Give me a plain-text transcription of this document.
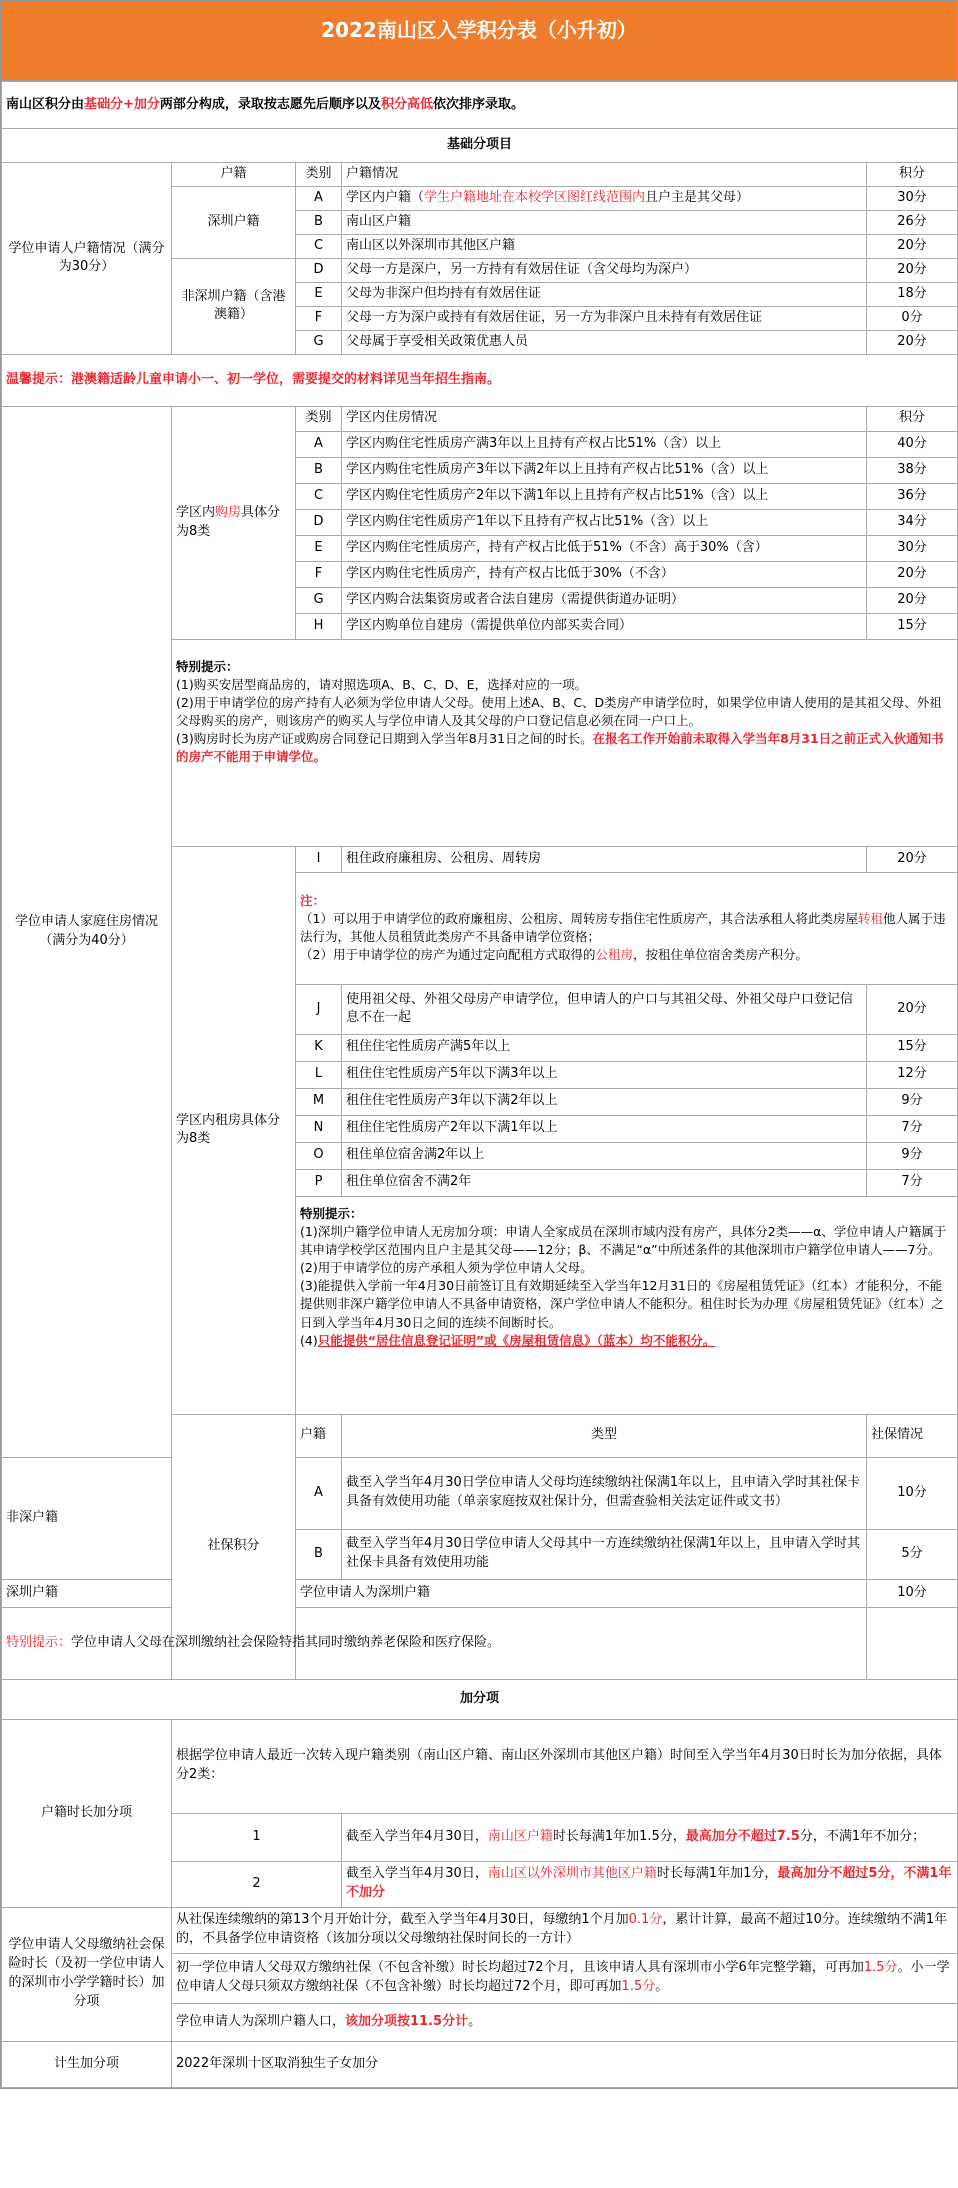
2022南山区入学积分表（小升初）
南山区积分由基础分+加分两部分构成，录取按志愿先后顺序以及积分高低依次排序录取。					
基础分项目					
学位申请人户籍情况（满分为30分）	户籍	类别	户籍情况	积分	
	深圳户籍	A	学区内户籍（学生户籍地址在本校学区图红线范围内且户主是其父母）	30分	
		B	南山区户籍	26分	
		C	南山区以外深圳市其他区户籍	20分	
	非深圳户籍（含港澳籍）	D	父母一方是深户，另一方持有有效居住证（含父母均为深户）	20分	
		E	父母为非深户但均持有有效居住证	18分	
		F	父母一方为深户或持有有效居住证，另一方为非深户且未持有有效居住证	0分	
		G	父母属于享受相关政策优惠人员	20分	
温馨提示：港澳籍适龄儿童申请小一、初一学位，需要提交的材料详见当年招生指南。					
学位申请人家庭住房情况（满分为40分）	学区内购房具体分为8类	类别	学区内住房情况	积分	
		A	学区内购住宅性质房产满3年以上且持有产权占比51%（含）以上	40分	
		B	学区内购住宅性质房产3年以下满2年以上且持有产权占比51%（含）以上	38分	
		C	学区内购住宅性质房产2年以下满1年以上且持有产权占比51%（含）以上	36分	
		D	学区内购住宅性质房产1年以下且持有产权占比51%（含）以上	34分	
		E	学区内购住宅性质房产，持有产权占比低于51%（不含）高于30%（含）	30分	
		F	学区内购住宅性质房产，持有产权占比低于30%（不含）	20分	
		G	学区内购合法集资房或者合法自建房（需提供街道办证明）	20分	
		H	学区内购单位自建房（需提供单位内部买卖合同）	15分	

	特别提示：
(1)购买安居型商品房的，请对照选项A、B、C、D、E，选择对应的一项。
(2)用于申请学位的房产持有人必须为学位申请人父母。使用上述A、B、C、D类房产申请学位时，如果学位申请人使用的是其祖父母、外祖父母购买的房产，则该房产的购买人与学位申请人及其父母的户口登记信息必须在同一户口上。
(3)购房时长为房产证或购房合同登记日期到入学当年8月31日之间的时长。在报名工作开始前未取得入学当年8月31日之前正式入伙通知书的房产不能用于申请学位。				

	学区内租房具体分为8类	I	租住政府廉租房、公租房、周转房	20分	

		注：
（1）可以用于申请学位的政府廉租房、公租房、周转房专指住宅性质房产，其合法承租人将此类房屋转租他人属于违法行为，其他人员租赁此类房产不具备申请学位资格；
（2）用于申请学位的房产为通过定向配租方式取得的公租房，按租住单位宿舍类房产积分。			

		J	使用祖父母、外祖父母房产申请学位，但申请人的户口与其祖父母、外祖父母户口登记信息不在一起	20分	
		K	租住住宅性质房产满5年以上	15分	
		L	租住住宅性质房产5年以下满3年以上	12分	
		M	租住住宅性质房产3年以下满2年以上	9分	
		N	租住住宅性质房产2年以下满1年以上	7分	
		O	租住单位宿舍满2年以上	9分	
		P	租住单位宿舍不满2年	7分	

		特别提示：
(1)深圳户籍学位申请人无房加分项：申请人全家成员在深圳市域内没有房产，具体分2类——α、学位申请人户籍属于其申请学校学区范围内且户主是其父母——12分；β、不满足“α”中所述条件的其他深圳市户籍学位申请人——7分。
(2)用于申请学位的房产承租人须为学位申请人父母。
(3)能提供入学前一年4月30日前签订且有效期延续至入学当年12月31日的《房屋租赁凭证》（红本）才能积分，不能提供则非深户籍学位申请人不具备申请资格，深户学位申请人不能积分。租住时长为办理《房屋租赁凭证》（红本）之日到入学当年4月30日之间的连续不间断时长。
(4)只能提供“居住信息登记证明”或《房屋租赁信息》（蓝本）均不能积分。			

	社保积分	户籍	类型	社保情况	
非深户籍		A	截至入学当年4月30日学位申请人父母均连续缴纳社保满1年以上，且申请入学时其社保卡具备有效使用功能（单亲家庭按双社保计分，但需查验相关法定证件或文书）	10分	
		B	截至入学当年4月30日学位申请人父母其中一方连续缴纳社保满1年以上，且申请入学时其社保卡具备有效使用功能	5分	
深圳户籍		学位申请人为深圳户籍		10分	
特别提示：学位申请人父母在深圳缴纳社会保险特指其同时缴纳养老保险和医疗保险。					
加分项					
户籍时长加分项	根据学位申请人最近一次转入现户籍类别（南山区户籍、南山区外深圳市其他区户籍）时间至入学当年4月30日时长为加分依据，具体分2类：				
	1		截至入学当年4月30日，南山区户籍时长每满1年加1.5分，最高加分不超过7.5分，不满1年不加分；		
	2		截至入学当年4月30日，南山区以外深圳市其他区户籍时长每满1年加1分，最高加分不超过5分，不满1年不加分		
学位申请人父母缴纳社会保险时长（及初一学位申请人的深圳市小学学籍时长）加分项	从社保连续缴纳的第13个月开始计分，截至入学当年4月30日，每缴纳1个月加0.1分，累计计算，最高不超过10分。连续缴纳不满1年的，不具备学位申请资格（该加分项以父母缴纳社保时间长的一方计）				
	初一学位申请人父母双方缴纳社保（不包含补缴）时长均超过72个月，且该申请人具有深圳市小学6年完整学籍，可再加1.5分。小一学位申请人父母只须双方缴纳社保（不包含补缴）时长均超过72个月，即可再加1.5分。				
	学位申请人为深圳户籍人口，该加分项按11.5分计。				
计生加分项	2022年深圳十区取消独生子女加分				
